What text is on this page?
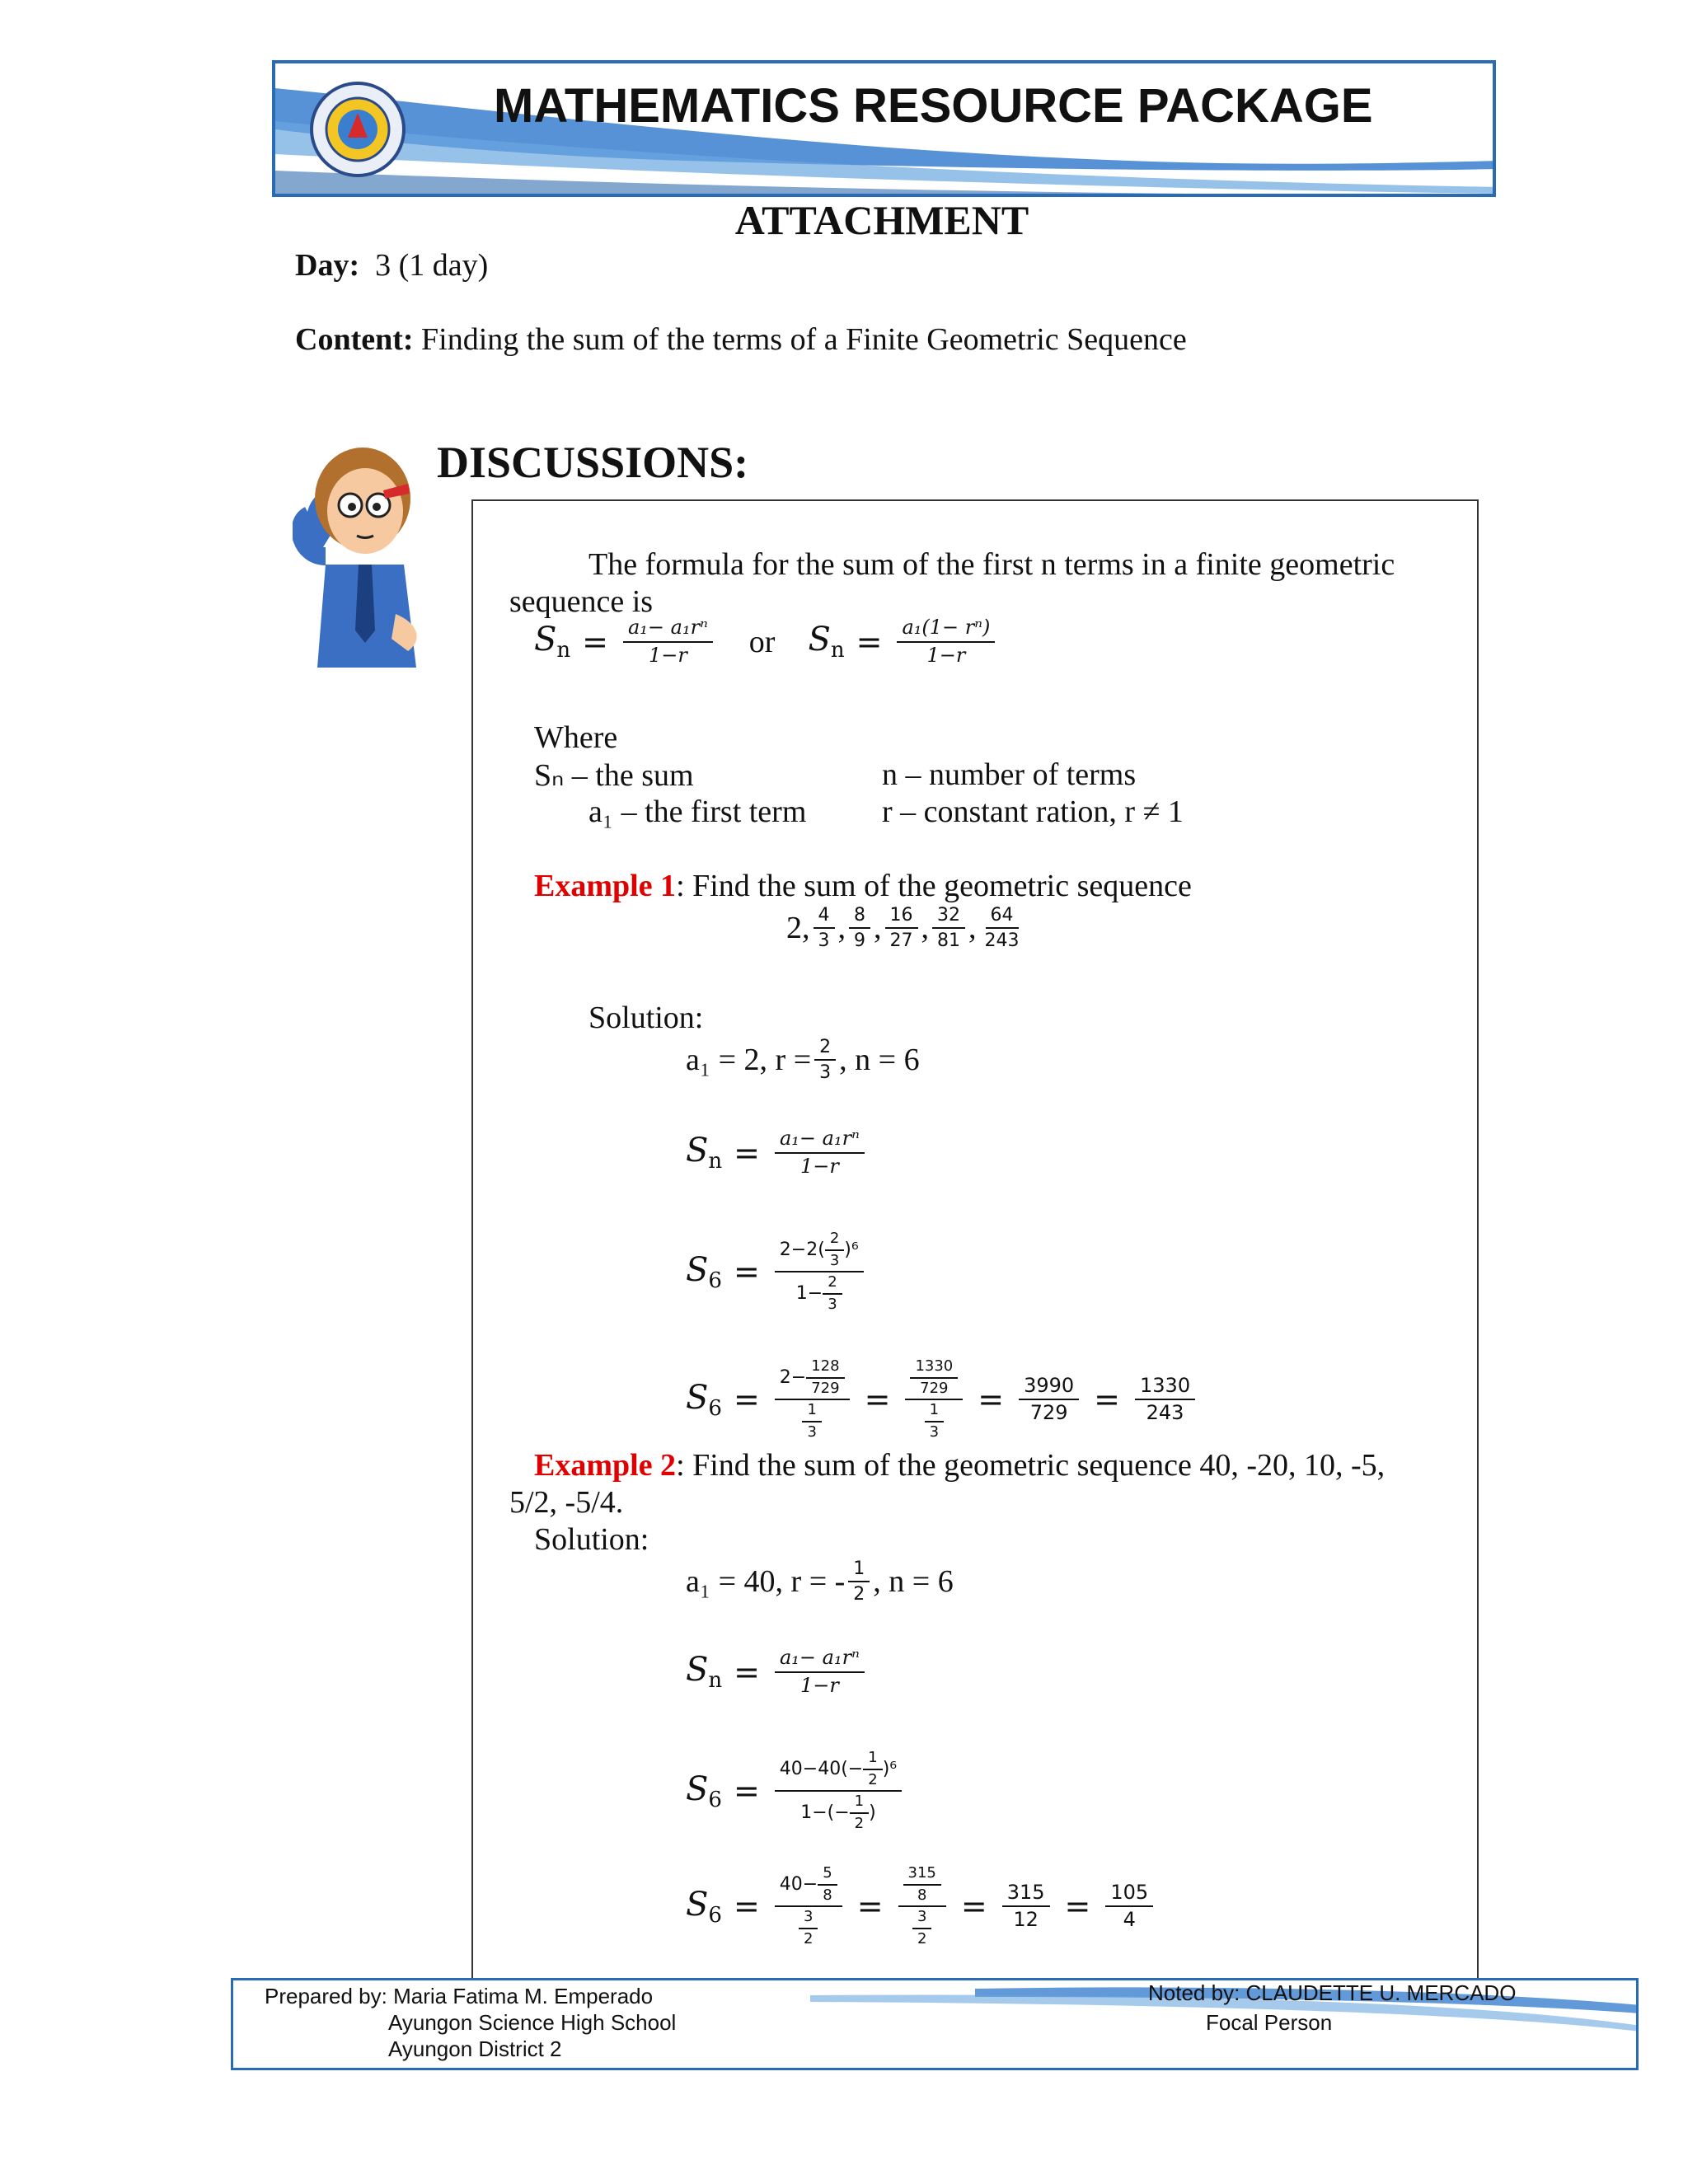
MATHEMATICS RESOURCE PACKAGE
ATTACHMENT
Day: 3 (1 day)
Content: Finding the sum of the terms of a Finite Geometric Sequence
DISCUSSIONS:
The formula for the sum of the first n terms in a finite geometric
sequence is
$S_n = \frac{\text{a₁− a₁rⁿ}}{1-r}$ or $S_n = \frac{\text{a₁(1− rⁿ)}}{1-r}$
Where
Sₙ – the sum
a₁ – the first term
n – number of terms
r – constant ration, r ≠ 1
Example 1: Find the sum of the geometric sequence
2, $\frac{4}{3}$ , $\frac{8}{9}$ , $\frac{16}{27}$ , $\frac{32}{81}$ , $\frac{64}{243}$
Solution:
a₁ = 2, $r = \frac{2}{3}$ , n = 6
$S_n = \frac{\text{a₁− a₁rⁿ}}{1-r}$
$S_6 = \frac{2-2( \frac{2}{3} )^6}{1- \frac{2}{3}}$
$S_6 = \frac{2- \frac{128}{729}}{\frac{1}{3}} = \frac{\frac{1330}{729}}{\frac{1}{3}} = \frac{3990}{729} = \frac{1330}{243}$
Example 2: Find the sum of the geometric sequence 40, -20, 10, -5,
5/2, -5/4.
Solution:
a₁ = 40, r = - $\frac{1}{2}$ , n = 6
$S_n = \frac{\text{a₁− a₁rⁿ}}{1-r}$
$S_6 = \frac{40-40(- \frac{1}{2} )^6}{1-(- \frac{1}{2} )}$
$S_6 = \frac{40- \frac{5}{8}}{\frac{3}{2}} = \frac{\frac{315}{8}}{\frac{3}{2}} = \frac{315}{12} = \frac{105}{4}$
Prepared by: Maria Fatima M. Emperado
Ayungon Science High School
Ayungon District 2
Noted by: CLAUDETTE U. MERCADO
Focal Person
